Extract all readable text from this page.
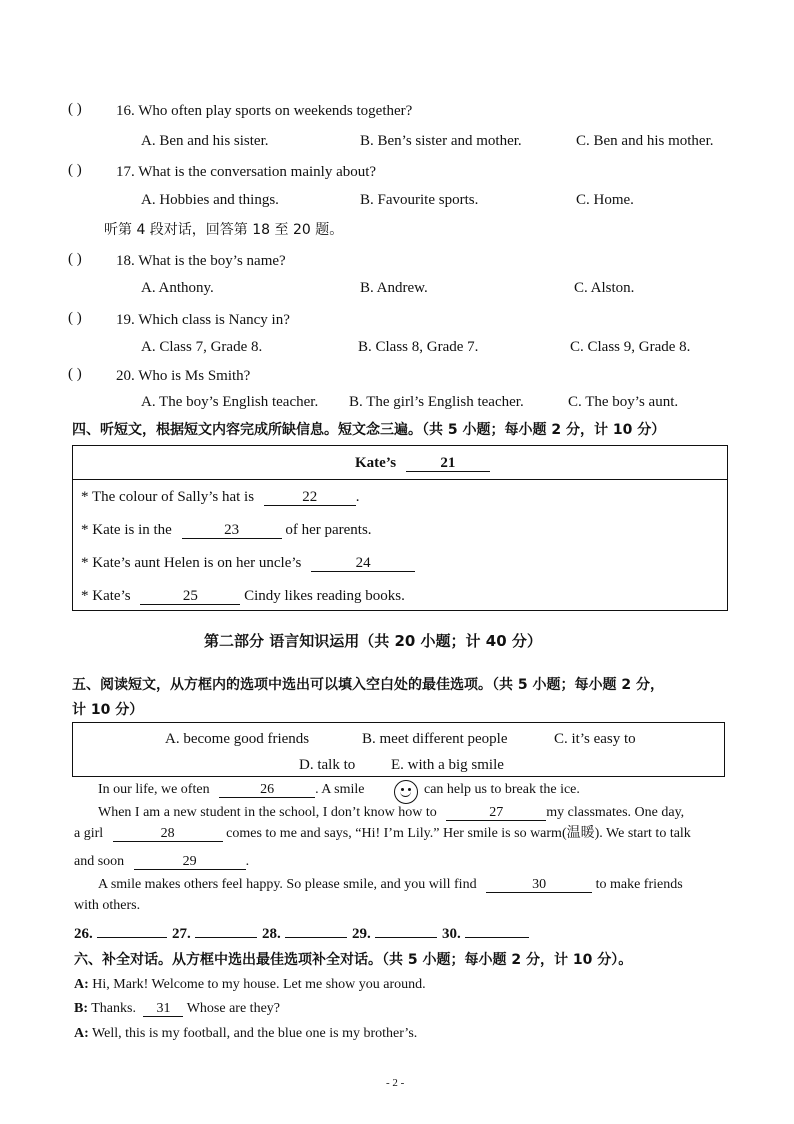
( ) 16. Who often play sports on weekends together?
A. Ben and his sister.	B. Ben’s sister and mother.	C. Ben and his mother.
( ) 17. What is the conversation mainly about?
A. Hobbies and things.	B. Favourite sports.	C. Home.
听第 4 段对话，回答第 18 至 20 题。
( ) 18. What is the boy’s name?
A. Anthony.	B. Andrew.	C. Alston.
( ) 19. Which class is Nancy in?
A. Class 7, Grade 8.	B. Class 8, Grade 7.	C. Class 9, Grade 8.
( ) 20. Who is Ms Smith?
A. The boy’s English teacher. B. The girl’s English teacher.	C. The boy’s aunt.
四、听短文，根据短文内容完成所缺信息。短文念三遍。（共 5 小题；每小题 2 分，计 10 分）
Kate’s	21
* The colour of Sally’s hat is	22	.
* Kate is in the	23	of her parents.
* Kate’s aunt Helen is on her uncle’s	24
* Kate’s	25	Cindy likes reading books.
第二部分 语言知识运用（共 20 小题；计 40 分）
五、阅读短文，从方框内的选项中选出可以填入空白处的最佳选项。（共 5 小题；每小题 2 分，
计 10 分）
A. become good friends	B. meet different people	C. it’s easy to
D. talk to E. with a big smile
In our life, we often	26	. A smile	can help us to break the ice.
When I am a new student in the school, I don’t know how to	27	my classmates. One day,
a girl	28	comes to me and says, “Hi! I’m Lily.” Her smile is so warm(温暖). We start to talk
and soon	29	.
A smile makes others feel happy. So please smile, and you will find	30	to make friends
with others.
26.	27.	28.	29.	30.
六、补全对话。从方框中选出最佳选项补全对话。（共 5 小题；每小题 2 分，计 10 分）。
A: Hi, Mark! Welcome to my house. Let me show you around.
B: Thanks. 31 Whose are they?
A: Well, this is my football, and the blue one is my brother’s.
- 2 -
